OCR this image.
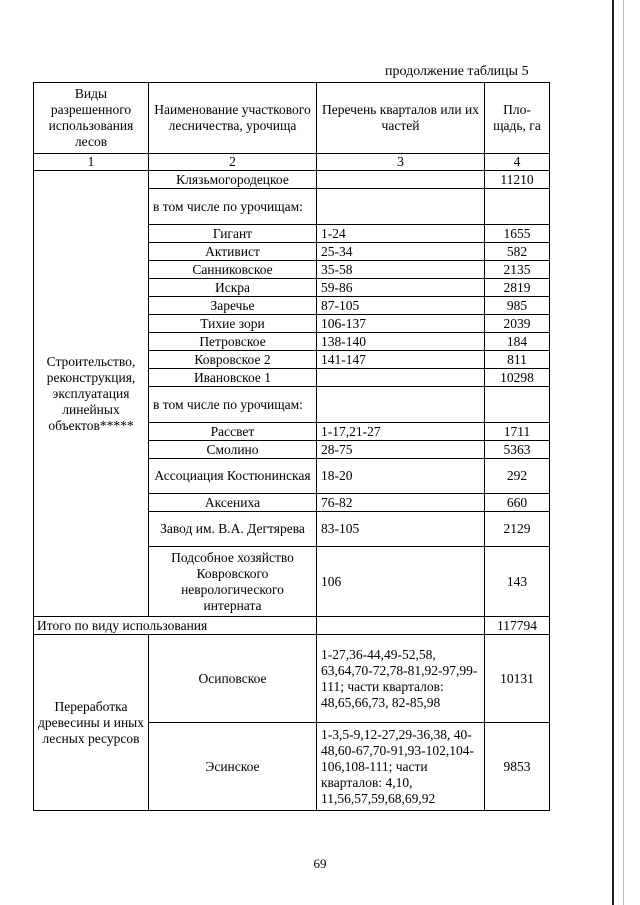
продолжение таблицы 5
Виды разрешенного использования лесов	Наименование участкового лесничества, урочища	Перечень кварталов или их частей	Пло-щадь, га
1	2	3	4
Строительство, реконструкция, эксплуатация линейных объектов*****	Клязьмогородецкое		11210
	в том числе по урочищам:		
	Гигант	1-24	1655
	Активист	25-34	582
	Санниковское	35-58	2135
	Искра	59-86	2819
	Заречье	87-105	985
	Тихие зори	106-137	2039
	Петровское	138-140	184
	Ковровское 2	141-147	811
	Ивановское 1		10298
	в том числе по урочищам:		
	Рассвет	1-17,21-27	1711
	Смолино	28-75	5363
	Ассоциация Костюнинская	18-20	292
	Аксениха	76-82	660
	Завод им. В.А. Дегтярева	83-105	2129
	Подсобное хозяйство Ковровского неврологического интерната	106	143
Итого по виду использования			117794
Переработка древесины и иных лесных ресурсов	Осиповское	1-27,36-44,49-52,58, 63,64,70-72,78-81,92-97,99-111; части кварталов: 48,65,66,73, 82-85,98	10131
	Эсинское	1-3,5-9,12-27,29-36,38, 40-48,60-67,70-91,93-102,104-106,108-111; части кварталов: 4,10, 11,56,57,59,68,69,92	9853
69
